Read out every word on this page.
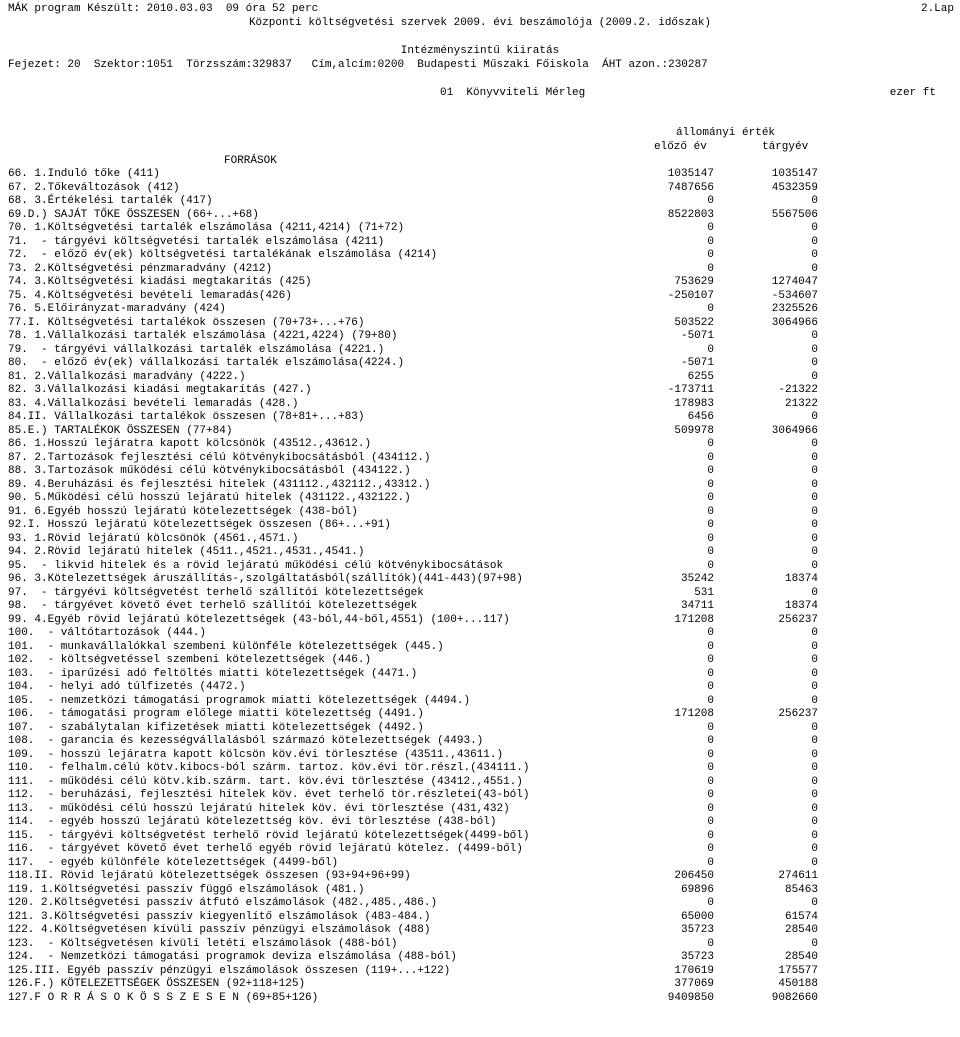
MÁK program Készült: 2010.03.03  09 óra 52 perc	2.Lap
Központi költségvetési szervek 2009. évi beszámolója (2009.2. időszak)
Intézményszintű kiiratás
Fejezet: 20  Szektor:1051  Törzsszám:329837   Cím,alcím:0200  Budapesti Műszaki Főiskola  ÁHT azon.:230287
01  Könyvviteli Mérleg	ezer ft
állományi érték
előző év	tárgyév
FORRÁSOK
66. 1.Induló tőke (411)	1035147	1035147
67. 2.Tőkeváltozások (412)	7487656	4532359
68. 3.Értékelési tartalék (417)	0	0
69.D.) SAJÁT TŐKE ÖSSZESEN (66+...+68)	8522803	5567506
70. 1.Költségvetési tartalék elszámolása (4211,4214) (71+72)	0	0
71.  - tárgyévi költségvetési tartalék elszámolása (4211)	0	0
72.  - előző év(ek) költségvetési tartalékának elszámolása (4214)	0	0
73. 2.Költségvetési pénzmaradvány (4212)	0	0
74. 3.Költségvetési kiadási megtakarítás (425)	753629	1274047
75. 4.Költségvetési bevételi lemaradás(426)	-250107	-534607
76. 5.Előirányzat-maradvány (424)	0	2325526
77.I. Költségvetési tartalékok összesen (70+73+...+76)	503522	3064966
78. 1.Vállalkozási tartalék elszámolása (4221,4224) (79+80)	-5071	0
79.  - tárgyévi vállalkozási tartalék elszámolása (4221.)	0	0
80.  - előző év(ek) vállalkozási tartalék elszámolása(4224.)	-5071	0
81. 2.Vállalkozási maradvány (4222.)	6255	0
82. 3.Vállalkozási kiadási megtakarítás (427.)	-173711	-21322
83. 4.Vállalkozási bevételi lemaradás (428.)	178983	21322
84.II. Vállalkozási tartalékok összesen (78+81+...+83)	6456	0
85.E.) TARTALÉKOK ÖSSZESEN (77+84)	509978	3064966
86. 1.Hosszú lejáratra kapott kölcsönök (43512.,43612.)	0	0
87. 2.Tartozások fejlesztési célú kötvénykibocsátásból (434112.)	0	0
88. 3.Tartozások működési célú kötvénykibocsátásból (434122.)	0	0
89. 4.Beruházási és fejlesztési hitelek (431112.,432112.,43312.)	0	0
90. 5.Működési célú hosszú lejáratú hitelek (431122.,432122.)	0	0
91. 6.Egyéb hosszú lejáratú kötelezettségek (438-ból)	0	0
92.I. Hosszú lejáratú kötelezettségek összesen (86+...+91)	0	0
93. 1.Rövid lejáratú kölcsönök (4561.,4571.)	0	0
94. 2.Rövid lejáratú hitelek (4511.,4521.,4531.,4541.)	0	0
95.  - likvid hitelek és a rövid lejáratú működési célú kötvénykibocsátások	0	0
96. 3.Kötelezettségek áruszállítás-,szolgáltatásból(szállítók)(441-443)(97+98)	35242	18374
97.  - tárgyévi költségvetést terhelő szállítói kötelezettségek	531	0
98.  - tárgyévet követő évet terhelő szállítói kötelezettségek	34711	18374
99. 4.Egyéb rövid lejáratú kötelezettségek (43-ból,44-ből,4551) (100+...117)	171208	256237
100.  - váltótartozások (444.)	0	0
101.  - munkavállalókkal szembeni különféle kötelezettségek (445.)	0	0
102.  - költségvetéssel szembeni kötelezettségek (446.)	0	0
103.  - iparűzési adó feltöltés miatti kötelezettségek (4471.)	0	0
104.  - helyi adó túlfizetés (4472.)	0	0
105.  - nemzetközi támogatási programok miatti kötelezettségek (4494.)	0	0
106.  - támogatási program előlege miatti kötelezettség (4491.)	171208	256237
107.  - szabálytalan kifizetések miatti kötelezettségek (4492.)	0	0
108.  - garancia és kezességvállalásból származó kötelezettségek (4493.)	0	0
109.  - hosszú lejáratra kapott kölcsön köv.évi törlesztése (43511.,43611.)	0	0
110.  - felhalm.célú kötv.kibocs-ból szárm. tartoz. köv.évi tör.részl.(434111.)	0	0
111.  - működési célú kötv.kib.szárm. tart. köv.évi törlesztése (43412.,4551.)	0	0
112.  - beruházási, fejlesztési hitelek köv. évet terhelő tör.részletei(43-ból)	0	0
113.  - működési célú hosszú lejáratú hitelek köv. évi törlesztése (431,432)	0	0
114.  - egyéb hosszú lejáratú kötelezettség köv. évi törlesztése (438-ból)	0	0
115.  - tárgyévi költségvetést terhelő rövid lejáratú kötelezettségek(4499-ből)	0	0
116.  - tárgyévet követő évet terhelő egyéb rövid lejáratú kötelez. (4499-ből)	0	0
117.  - egyéb különféle kötelezettségek (4499-ből)	0	0
118.II. Rövid lejáratú kötelezettségek összesen (93+94+96+99)	206450	274611
119. 1.Költségvetési passzív függő elszámolások (481.)	69896	85463
120. 2.Költségvetési passzív átfutó elszámolások (482.,485.,486.)	0	0
121. 3.Költségvetési passzív kiegyenlítő elszámolások (483-484.)	65000	61574
122. 4.Költségvetésen kívüli passzív pénzügyi elszámolások (488)	35723	28540
123.  - Költségvetésen kívüli letéti elszámolások (488-ból)	0	0
124.  - Nemzetközi támogatási programok deviza elszámolása (488-ból)	35723	28540
125.III. Egyéb passzív pénzügyi elszámolások összesen (119+...+122)	170619	175577
126.F.) KÖTELEZETTSÉGEK ÖSSZESEN (92+118+125)	377069	450188
127.F O R R Á S O K Ö S S Z E S E N (69+85+126)	9409850	9082660
